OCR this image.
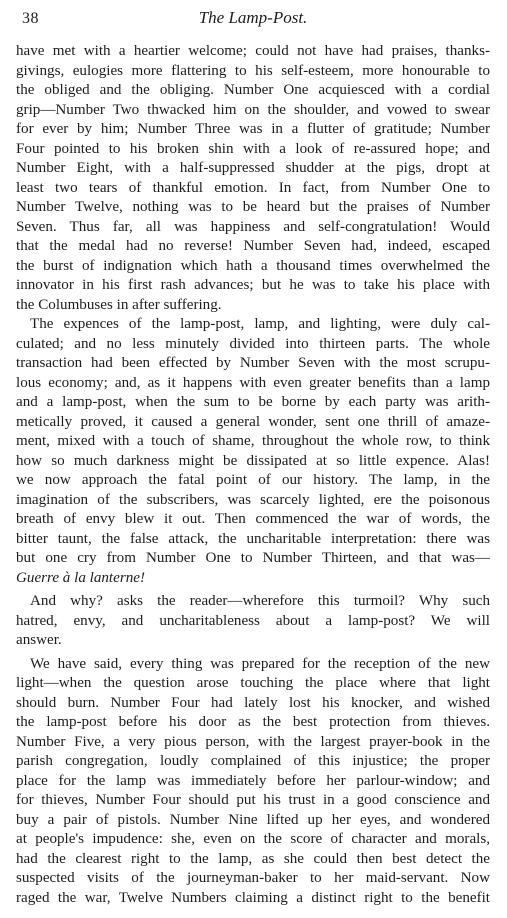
38	The Lamp-Post.

have met with a heartier welcome; could not have had praises, thanks-
givings, eulogies more flattering to his self-esteem, more honourable to
the obliged and the obliging. Number One acquiesced with a cordial
grip—Number Two thwacked him on the shoulder, and vowed to swear
for ever by him; Number Three was in a flutter of gratitude; Number
Four pointed to his broken shin with a look of re-assured hope; and
Number Eight, with a half-suppressed shudder at the pigs, dropt at
least two tears of thankful emotion. In fact, from Number One to
Number Twelve, nothing was to be heard but the praises of Number
Seven. Thus far, all was happiness and self-congratulation! Would
that the medal had no reverse! Number Seven had, indeed, escaped
the burst of indignation which hath a thousand times overwhelmed the
innovator in his first rash advances; but he was to take his place with
the Columbuses in after suffering.

The expences of the lamp-post, lamp, and lighting, were duly cal-
culated; and no less minutely divided into thirteen parts. The whole
transaction had been effected by Number Seven with the most scrupu-
lous economy; and, as it happens with even greater benefits than a lamp
and a lamp-post, when the sum to be borne by each party was arith-
metically proved, it caused a general wonder, sent one thrill of amaze-
ment, mixed with a touch of shame, throughout the whole row, to think
how so much darkness might be dissipated at so little expence. Alas!
we now approach the fatal point of our history. The lamp, in the
imagination of the subscribers, was scarcely lighted, ere the poisonous
breath of envy blew it out. Then commenced the war of words, the
bitter taunt, the false attack, the uncharitable interpretation: there was
but one cry from Number One to Number Thirteen, and that was—
Guerre à la lanterne!

And why? asks the reader—wherefore this turmoil? Why such
hatred, envy, and uncharitableness about a lamp-post? We will
answer.

We have said, every thing was prepared for the reception of the new
light—when the question arose touching the place where that light
should burn. Number Four had lately lost his knocker, and wished
the lamp-post before his door as the best protection from thieves.
Number Five, a very pious person, with the largest prayer-book in the
parish congregation, loudly complained of this injustice; the proper
place for the lamp was immediately before her parlour-window; and
for thieves, Number Four should put his trust in a good conscience and
buy a pair of pistols. Number Nine lifted up her eyes, and wondered
at people's impudence: she, even on the score of character and morals,
had the clearest right to the lamp, as she could then best detect the
suspected visits of the journeyman-baker to her maid-servant. Now
raged the war, Twelve Numbers claiming a distinct right to the benefit
